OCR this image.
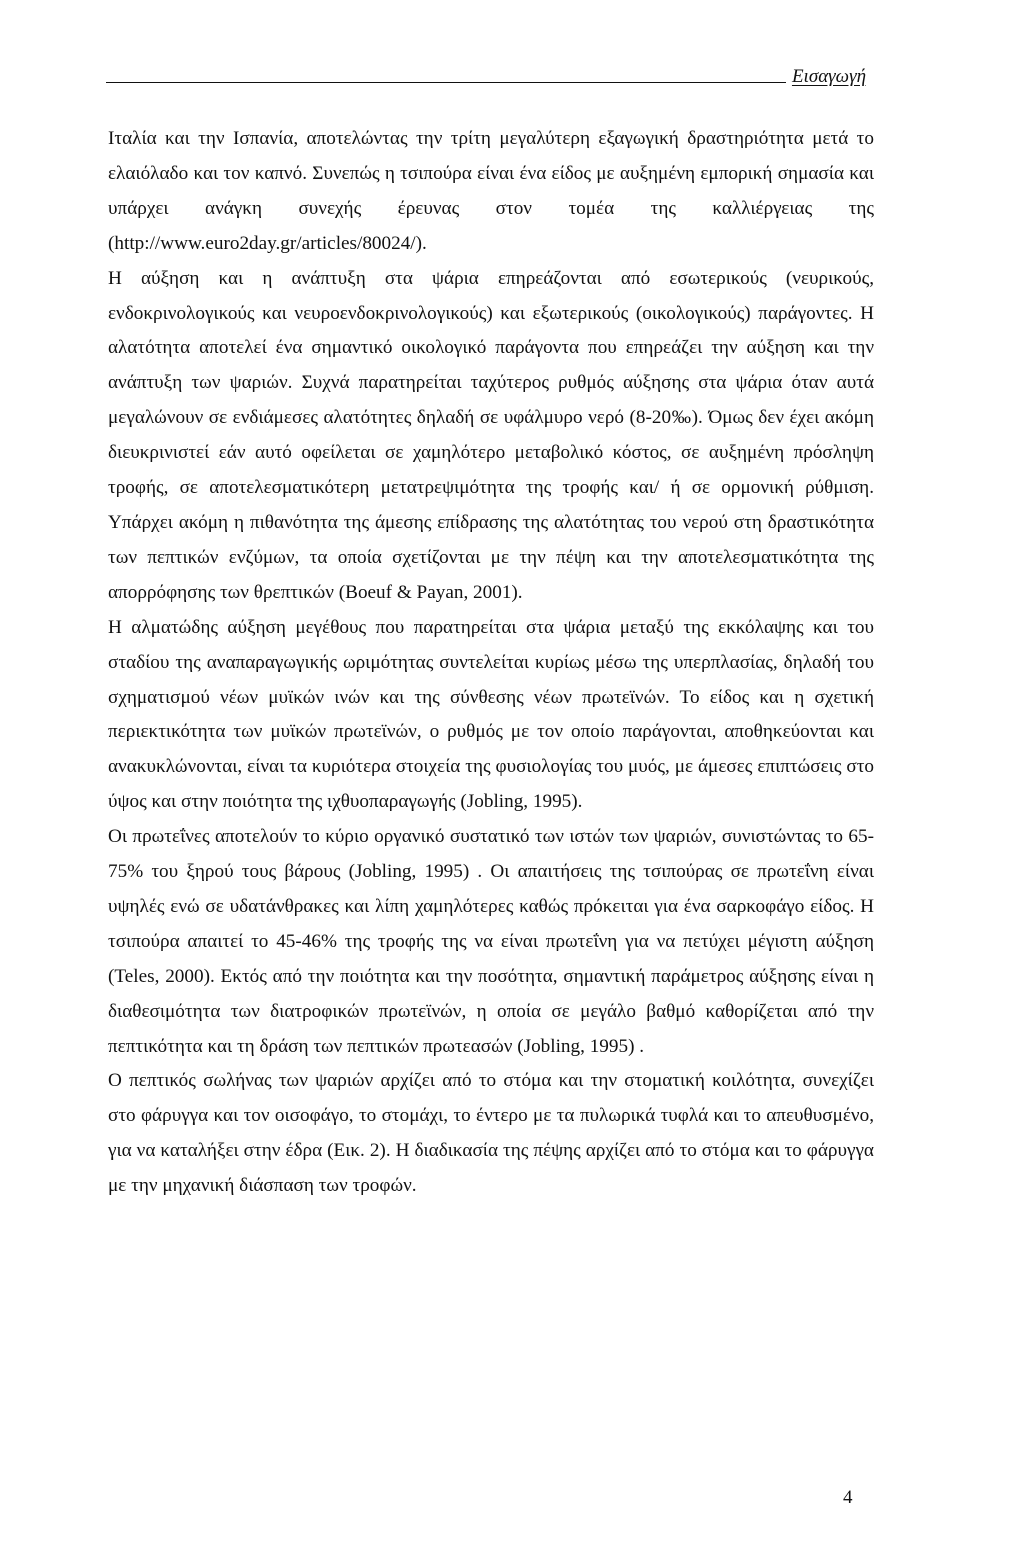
Εισαγωγή

Ιταλία και την Ισπανία, αποτελώντας την τρίτη μεγαλύτερη εξαγωγική δραστηριότητα μετά το ελαιόλαδο και τον καπνό. Συνεπώς η τσιπούρα είναι ένα είδος με αυξημένη εμπορική σημασία και υπάρχει ανάγκη συνεχής έρευνας στον τομέα της καλλιέργειας της (http://www.euro2day.gr/articles/80024/).

Η αύξηση και η ανάπτυξη στα ψάρια επηρεάζονται από εσωτερικούς (νευρικούς, ενδοκρινολογικούς και νευροενδοκρινολογικούς) και εξωτερικούς (οικολογικούς) παράγοντες. Η αλατότητα αποτελεί ένα σημαντικό οικολογικό παράγοντα που επηρεάζει την αύξηση και την ανάπτυξη των ψαριών. Συχνά παρατηρείται ταχύτερος ρυθμός αύξησης στα ψάρια όταν αυτά μεγαλώνουν σε ενδιάμεσες αλατότητες δηλαδή σε υφάλμυρο νερό (8-20‰). Όμως δεν έχει ακόμη διευκρινιστεί εάν αυτό οφείλεται σε χαμηλότερο μεταβολικό κόστος, σε αυξημένη πρόσληψη τροφής, σε αποτελεσματικότερη μετατρεψιμότητα της τροφής και/ ή σε ορμονική ρύθμιση. Υπάρχει ακόμη η πιθανότητα της άμεσης επίδρασης της αλατότητας του νερού στη δραστικότητα των πεπτικών ενζύμων, τα οποία σχετίζονται με την πέψη και την αποτελεσματικότητα της απορρόφησης των θρεπτικών (Boeuf & Payan, 2001).

Η αλματώδης αύξηση μεγέθους που παρατηρείται στα ψάρια μεταξύ της εκκόλαψης και του σταδίου της αναπαραγωγικής ωριμότητας συντελείται κυρίως μέσω της υπερπλασίας, δηλαδή του σχηματισμού νέων μυϊκών ινών και της σύνθεσης νέων πρωτεϊνών. Το είδος και η σχετική περιεκτικότητα των μυϊκών πρωτεϊνών, ο ρυθμός με τον οποίο παράγονται, αποθηκεύονται και ανακυκλώνονται, είναι τα κυριότερα στοιχεία της φυσιολογίας του μυός, με άμεσες επιπτώσεις στο ύψος και στην ποιότητα της ιχθυοπαραγωγής (Jobling, 1995).

Οι πρωτεΐνες αποτελούν το κύριο οργανικό συστατικό των ιστών των ψαριών, συνιστώντας το 65-75% του ξηρού τους βάρους (Jobling, 1995) . Οι απαιτήσεις της τσιπούρας σε πρωτεΐνη είναι υψηλές ενώ σε υδατάνθρακες και λίπη χαμηλότερες καθώς πρόκειται για ένα σαρκοφάγο είδος. Η τσιπούρα απαιτεί το 45-46% της τροφής της να είναι πρωτεΐνη για να πετύχει μέγιστη αύξηση (Teles, 2000). Εκτός από την ποιότητα και την ποσότητα, σημαντική παράμετρος αύξησης είναι η διαθεσιμότητα των διατροφικών πρωτεϊνών, η οποία σε μεγάλο βαθμό καθορίζεται από την πεπτικότητα και τη δράση των πεπτικών πρωτεασών (Jobling, 1995) .

Ο πεπτικός σωλήνας των ψαριών αρχίζει από το στόμα και την στοματική κοιλότητα, συνεχίζει στο φάρυγγα και τον οισοφάγο, το στομάχι, το έντερο με τα πυλωρικά τυφλά και το απευθυσμένο, για να καταλήξει στην έδρα (Εικ. 2). Η διαδικασία της πέψης αρχίζει από το στόμα και το φάρυγγα με την μηχανική διάσπαση των τροφών.

4
